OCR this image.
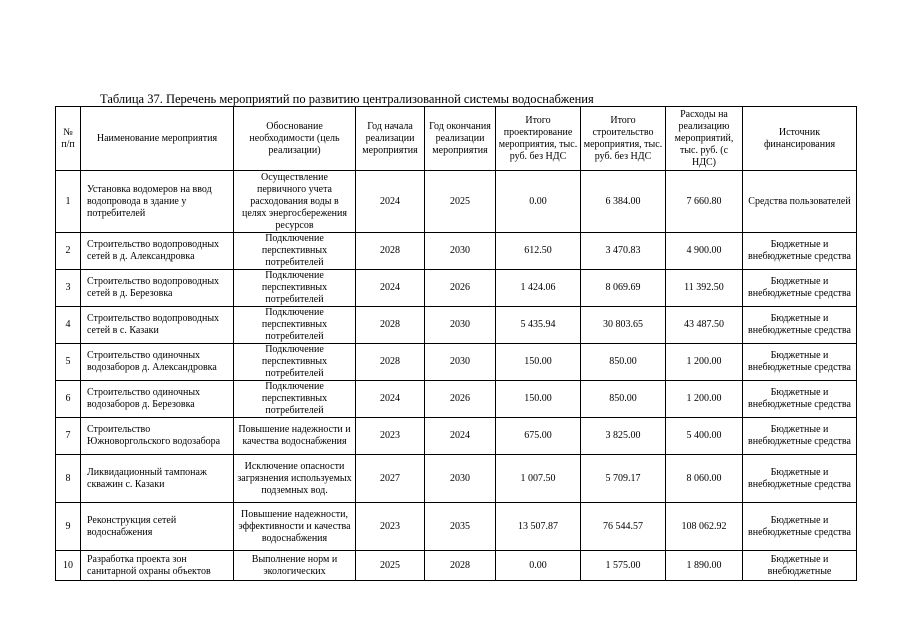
Таблица 37. Перечень мероприятий по развитию централизованной системы водоснабжения
№ п/п	Наименование мероприятия	Обоснование необходимости (цель реализации)	Год начала реализации мероприятия	Год окончания реализации мероприятия	Итого проектирование мероприятия, тыс. руб. без НДС	Итого строительство мероприятия, тыс. руб. без НДС	Расходы на реализацию мероприятий, тыс. руб. (с НДС)	Источник финансирования
1	Установка водомеров на ввод водопровода в здание у потребителей	Осуществление первичного учета расходования воды в целях энергосбережения ресурсов	2024	2025	0.00	6 384.00	7 660.80	Средства пользователей
2	Строительство водопроводных сетей в д. Александровка	Подключение перспективных потребителей	2028	2030	612.50	3 470.83	4 900.00	Бюджетные и внебюджетные средства
3	Строительство водопроводных сетей в д. Березовка	Подключение перспективных потребителей	2024	2026	1 424.06	8 069.69	11 392.50	Бюджетные и внебюджетные средства
4	Строительство водопроводных сетей в с. Казаки	Подключение перспективных потребителей	2028	2030	5 435.94	30 803.65	43 487.50	Бюджетные и внебюджетные средства
5	Строительство одиночных водозаборов д. Александровка	Подключение перспективных потребителей	2028	2030	150.00	850.00	1 200.00	Бюджетные и внебюджетные средства
6	Строительство одиночных водозаборов д. Березовка	Подключение перспективных потребителей	2024	2026	150.00	850.00	1 200.00	Бюджетные и внебюджетные средства
7	Строительство Южноворгольского водозабора	Повышение надежности и качества водоснабжения	2023	2024	675.00	3 825.00	5 400.00	Бюджетные и внебюджетные средства
8	Ликвидационный тампонаж скважин с. Казаки	Исключение опасности загрязнения используемых подземных вод.	2027	2030	1 007.50	5 709.17	8 060.00	Бюджетные и внебюджетные средства
9	Реконструкция сетей водоснабжения	Повышение надежности, эффективности и качества водоснабжения	2023	2035	13 507.87	76 544.57	108 062.92	Бюджетные и внебюджетные средства
10	Разработка проекта зон санитарной охраны объектов	Выполнение норм и экологических	2025	2028	0.00	1 575.00	1 890.00	Бюджетные и внебюджетные
